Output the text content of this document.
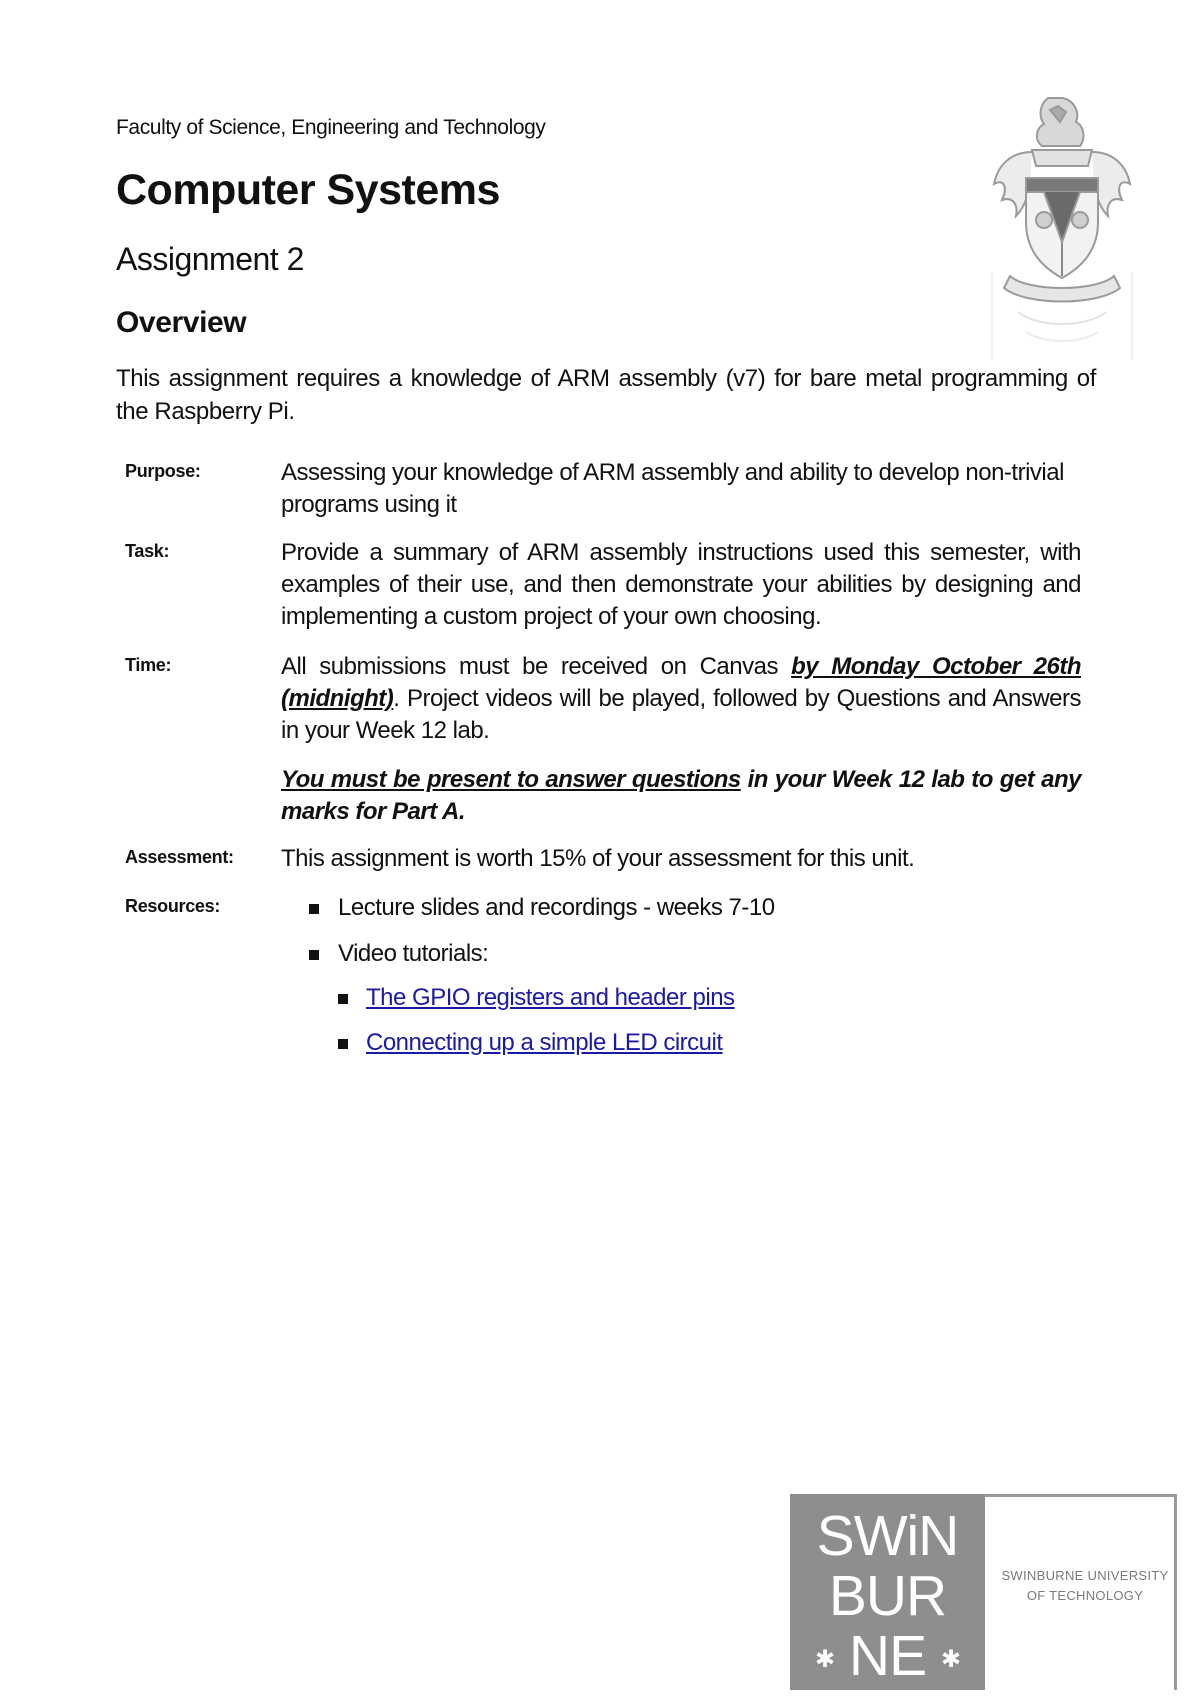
Faculty of Science, Engineering and Technology
Computer Systems
Assignment 2
Overview
This assignment requires a knowledge of ARM assembly (v7) for bare metal programming of the Raspberry Pi.
Purpose:	Assessing your knowledge of ARM assembly and ability to develop non-trivial programs using it
Task:	Provide a summary of ARM assembly instructions used this semester, with examples of their use, and then demonstrate your abilities by designing and implementing a custom project of your own choosing.
Time:	All submissions must be received on Canvas by Monday October 26th (midnight). Project videos will be played, followed by Questions and Answers in your Week 12 lab.

You must be present to answer questions in your Week 12 lab to get any marks for Part A.

Assessment:	This assignment is worth 15% of your assessment for this unit.
Resources:	Lecture slides and recordings - weeks 7-10
Video tutorials:
The GPIO registers and header pins
Connecting up a simple LED circuit
SWiN
BUR
✱ NE ✱
SWINBURNE UNIVERSITY
OF TECHNOLOGY
